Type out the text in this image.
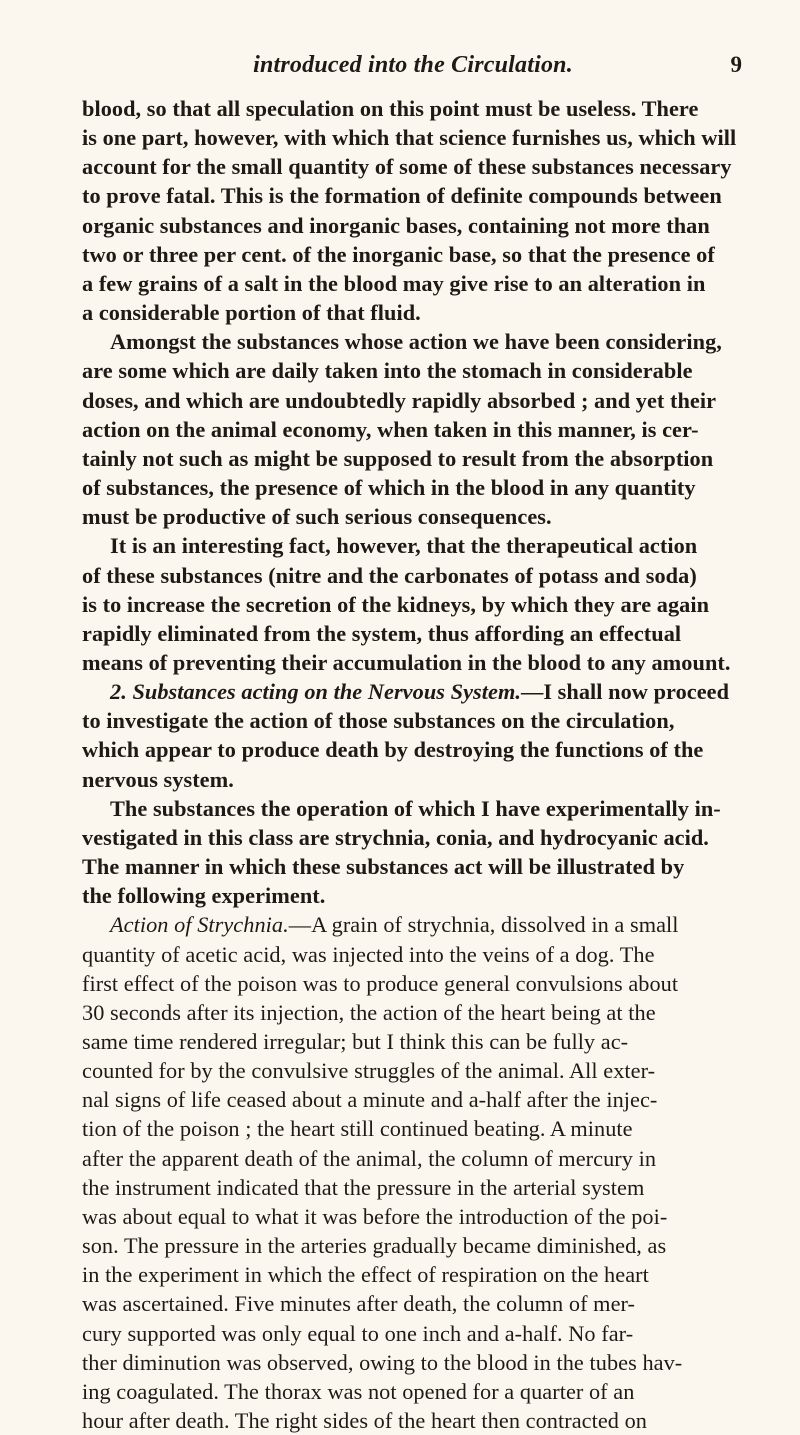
introduced into the Circulation.	9
blood, so that all speculation on this point must be useless. There
is one part, however, with which that science furnishes us, which will
account for the small quantity of some of these substances necessary
to prove fatal. This is the formation of definite compounds between
organic substances and inorganic bases, containing not more than
two or three per cent. of the inorganic base, so that the presence of
a few grains of a salt in the blood may give rise to an alteration in
a considerable portion of that fluid.
Amongst the substances whose action we have been considering,
are some which are daily taken into the stomach in considerable
doses, and which are undoubtedly rapidly absorbed ; and yet their
action on the animal economy, when taken in this manner, is cer-
tainly not such as might be supposed to result from the absorption
of substances, the presence of which in the blood in any quantity
must be productive of such serious consequences.
It is an interesting fact, however, that the therapeutical action
of these substances (nitre and the carbonates of potass and soda)
is to increase the secretion of the kidneys, by which they are again
rapidly eliminated from the system, thus affording an effectual
means of preventing their accumulation in the blood to any amount.
2. Substances acting on the Nervous System.—I shall now proceed
to investigate the action of those substances on the circulation,
which appear to produce death by destroying the functions of the
nervous system.
The substances the operation of which I have experimentally in-
vestigated in this class are strychnia, conia, and hydrocyanic acid.
The manner in which these substances act will be illustrated by
the following experiment.
Action of Strychnia.—A grain of strychnia, dissolved in a small
quantity of acetic acid, was injected into the veins of a dog. The
first effect of the poison was to produce general convulsions about
30 seconds after its injection, the action of the heart being at the
same time rendered irregular; but I think this can be fully ac-
counted for by the convulsive struggles of the animal. All exter-
nal signs of life ceased about a minute and a-half after the injec-
tion of the poison ; the heart still continued beating. A minute
after the apparent death of the animal, the column of mercury in
the instrument indicated that the pressure in the arterial system
was about equal to what it was before the introduction of the poi-
son. The pressure in the arteries gradually became diminished, as
in the experiment in which the effect of respiration on the heart
was ascertained. Five minutes after death, the column of mer-
cury supported was only equal to one inch and a-half. No far-
ther diminution was observed, owing to the blood in the tubes hav-
ing coagulated. The thorax was not opened for a quarter of an
hour after death. The right sides of the heart then contracted on
